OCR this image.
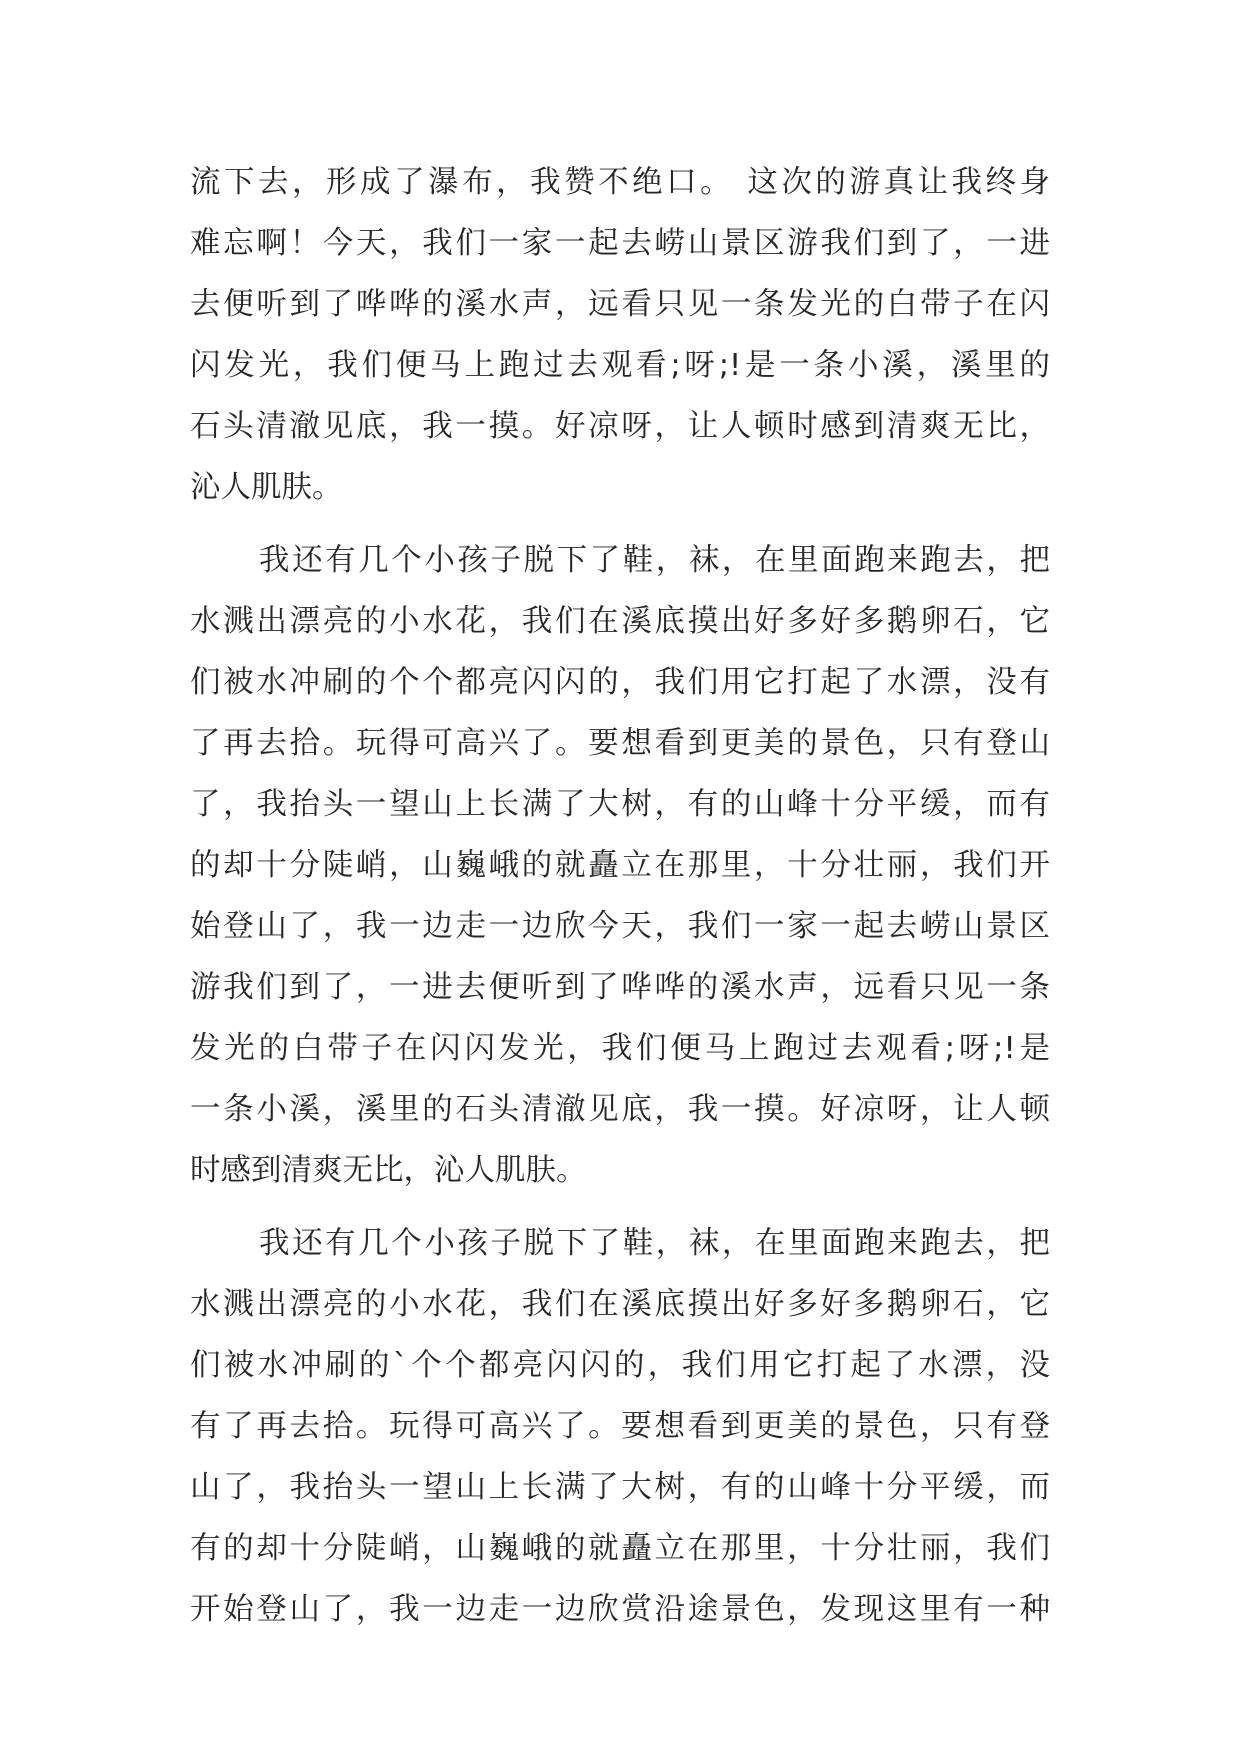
流下去，形成了瀑布，我赞不绝口。 这次的游真让我终身
难忘啊！今天，我们一家一起去崂山景区游我们到了，一进
去便听到了哗哗的溪水声，远看只见一条发光的白带子在闪
闪发光，我们便马上跑过去观看;呀;!是一条小溪，溪里的
石头清澈见底，我一摸。好凉呀，让人顿时感到清爽无比，
沁人肌肤。
我还有几个小孩子脱下了鞋，袜，在里面跑来跑去，把
水溅出漂亮的小水花，我们在溪底摸出好多好多鹅卵石，它
们被水冲刷的个个都亮闪闪的，我们用它打起了水漂，没有
了再去拾。玩得可高兴了。要想看到更美的景色，只有登山
了，我抬头一望山上长满了大树，有的山峰十分平缓，而有
的却十分陡峭，山巍峨的就矗立在那里，十分壮丽，我们开
始登山了，我一边走一边欣今天，我们一家一起去崂山景区
游我们到了，一进去便听到了哗哗的溪水声，远看只见一条
发光的白带子在闪闪发光，我们便马上跑过去观看;呀;!是
一条小溪，溪里的石头清澈见底，我一摸。好凉呀，让人顿
时感到清爽无比，沁人肌肤。
我还有几个小孩子脱下了鞋，袜，在里面跑来跑去，把
水溅出漂亮的小水花，我们在溪底摸出好多好多鹅卵石，它
们被水冲刷的`个个都亮闪闪的，我们用它打起了水漂，没
有了再去拾。玩得可高兴了。要想看到更美的景色，只有登
山了，我抬头一望山上长满了大树，有的山峰十分平缓，而
有的却十分陡峭，山巍峨的就矗立在那里，十分壮丽，我们
开始登山了，我一边走一边欣赏沿途景色，发现这里有一种
